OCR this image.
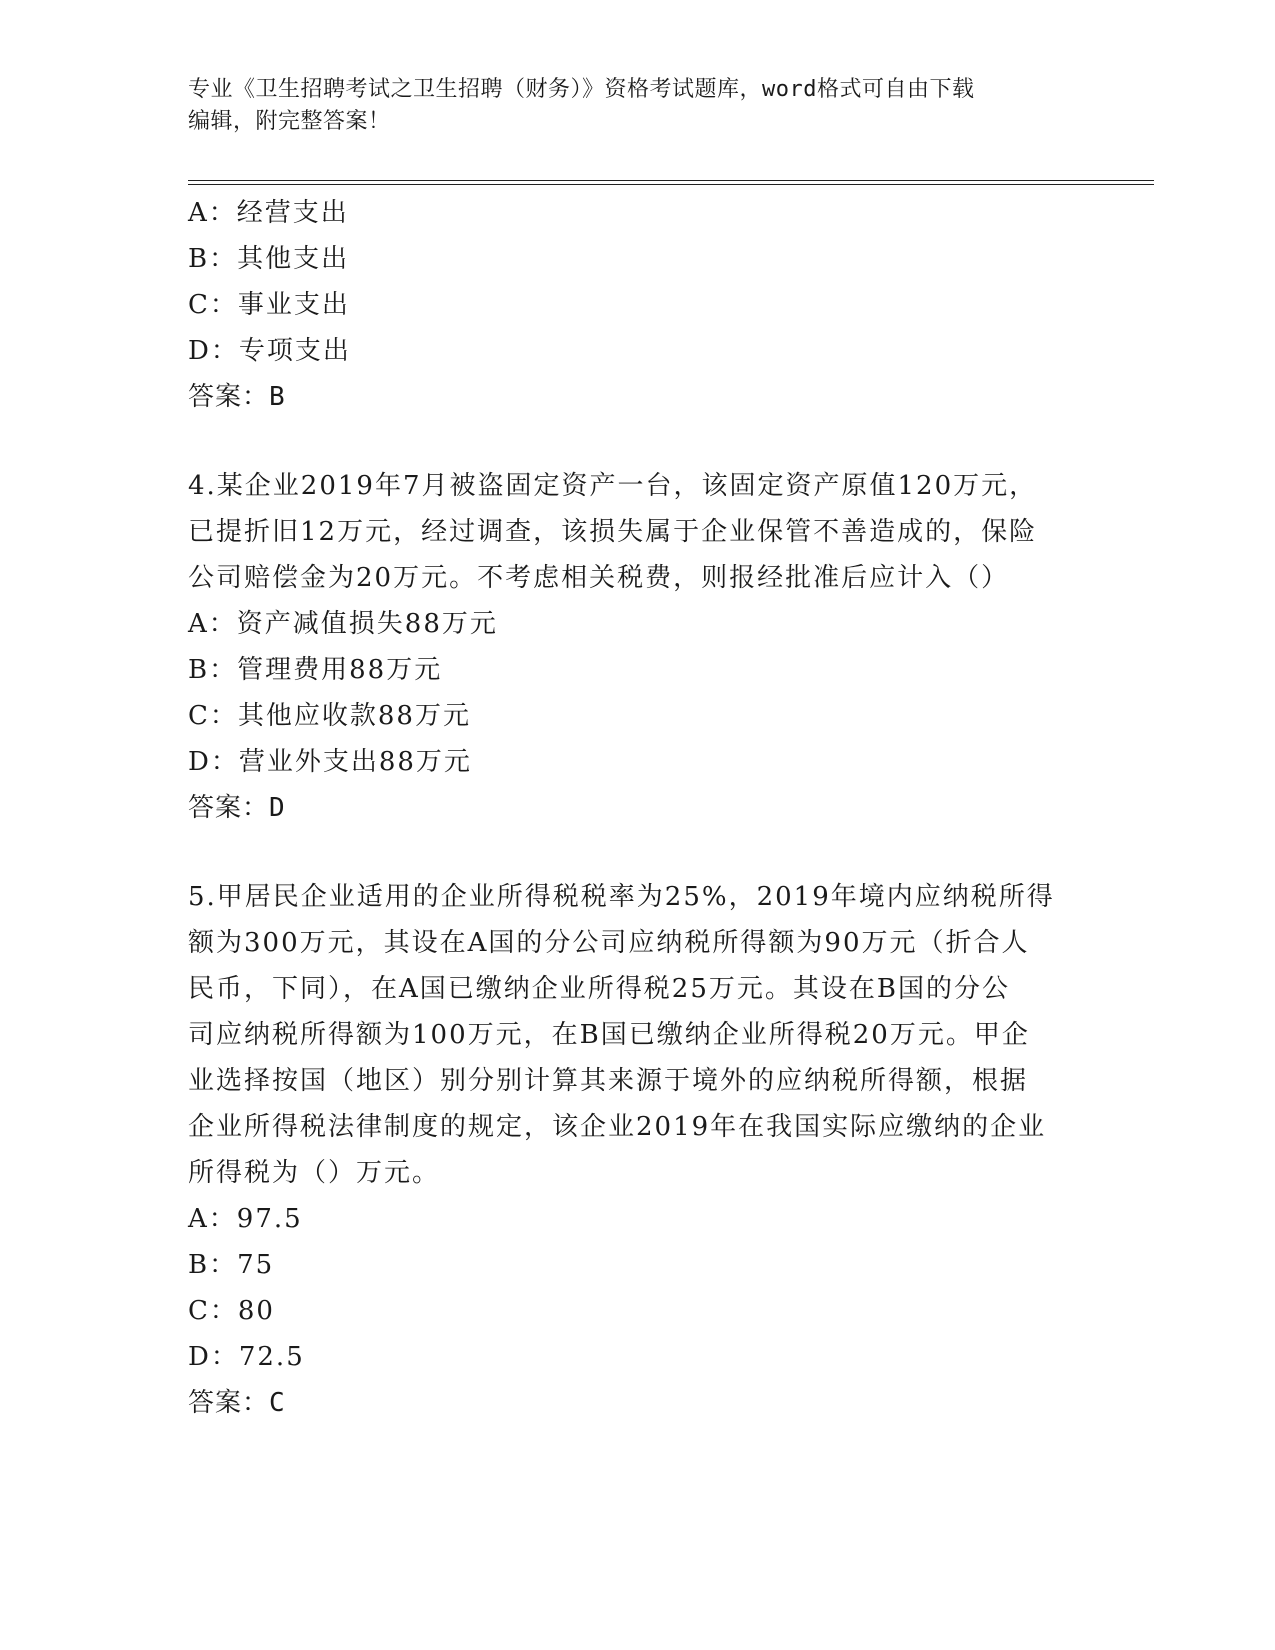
专业《卫生招聘考试之卫生招聘（财务）》资格考试题库，word格式可自由下载
编辑，附完整答案！
A：经营支出
B：其他支出
C：事业支出
D：专项支出
答案：B
4.某企业2019年7月被盗固定资产一台，该固定资产原值120万元，
已提折旧12万元，经过调查，该损失属于企业保管不善造成的，保险
公司赔偿金为20万元。不考虑相关税费，则报经批准后应计入（）
A：资产减值损失88万元
B：管理费用88万元
C：其他应收款88万元
D：营业外支出88万元
答案：D
5.甲居民企业适用的企业所得税税率为25%，2019年境内应纳税所得
额为300万元，其设在A国的分公司应纳税所得额为90万元（折合人
民币，下同），在A国已缴纳企业所得税25万元。其设在B国的分公
司应纳税所得额为100万元，在B国已缴纳企业所得税20万元。甲企
业选择按国（地区）别分别计算其来源于境外的应纳税所得额，根据
企业所得税法律制度的规定，该企业2019年在我国实际应缴纳的企业
所得税为（）万元。
A：97.5
B：75
C：80
D：72.5
答案：C
